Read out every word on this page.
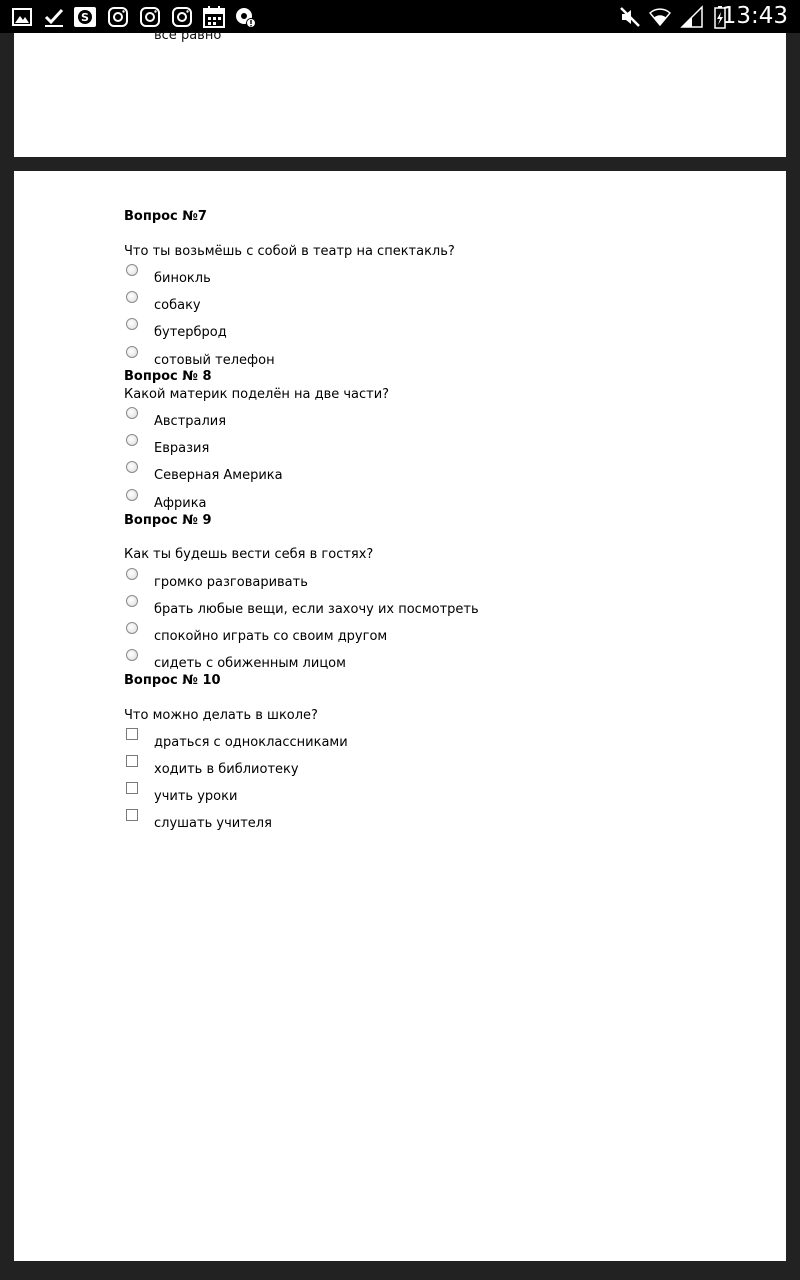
S	13:43
все равно
Вопрос №7
Что ты возьмёшь с собой в театр на спектакль?
бинокль
собаку
бутерброд
сотовый телефон
Вопрос № 8
Какой материк поделён на две части?
Австралия
Евразия
Северная Америка
Африка
Вопрос № 9
Как ты будешь вести себя в гостях?
громко разговаривать
брать любые вещи, если захочу их посмотреть
спокойно играть со своим другом
сидеть с обиженным лицом
Вопрос № 10
Что можно делать в школе?
драться с одноклассниками
ходить в библиотеку
учить уроки
слушать учителя
